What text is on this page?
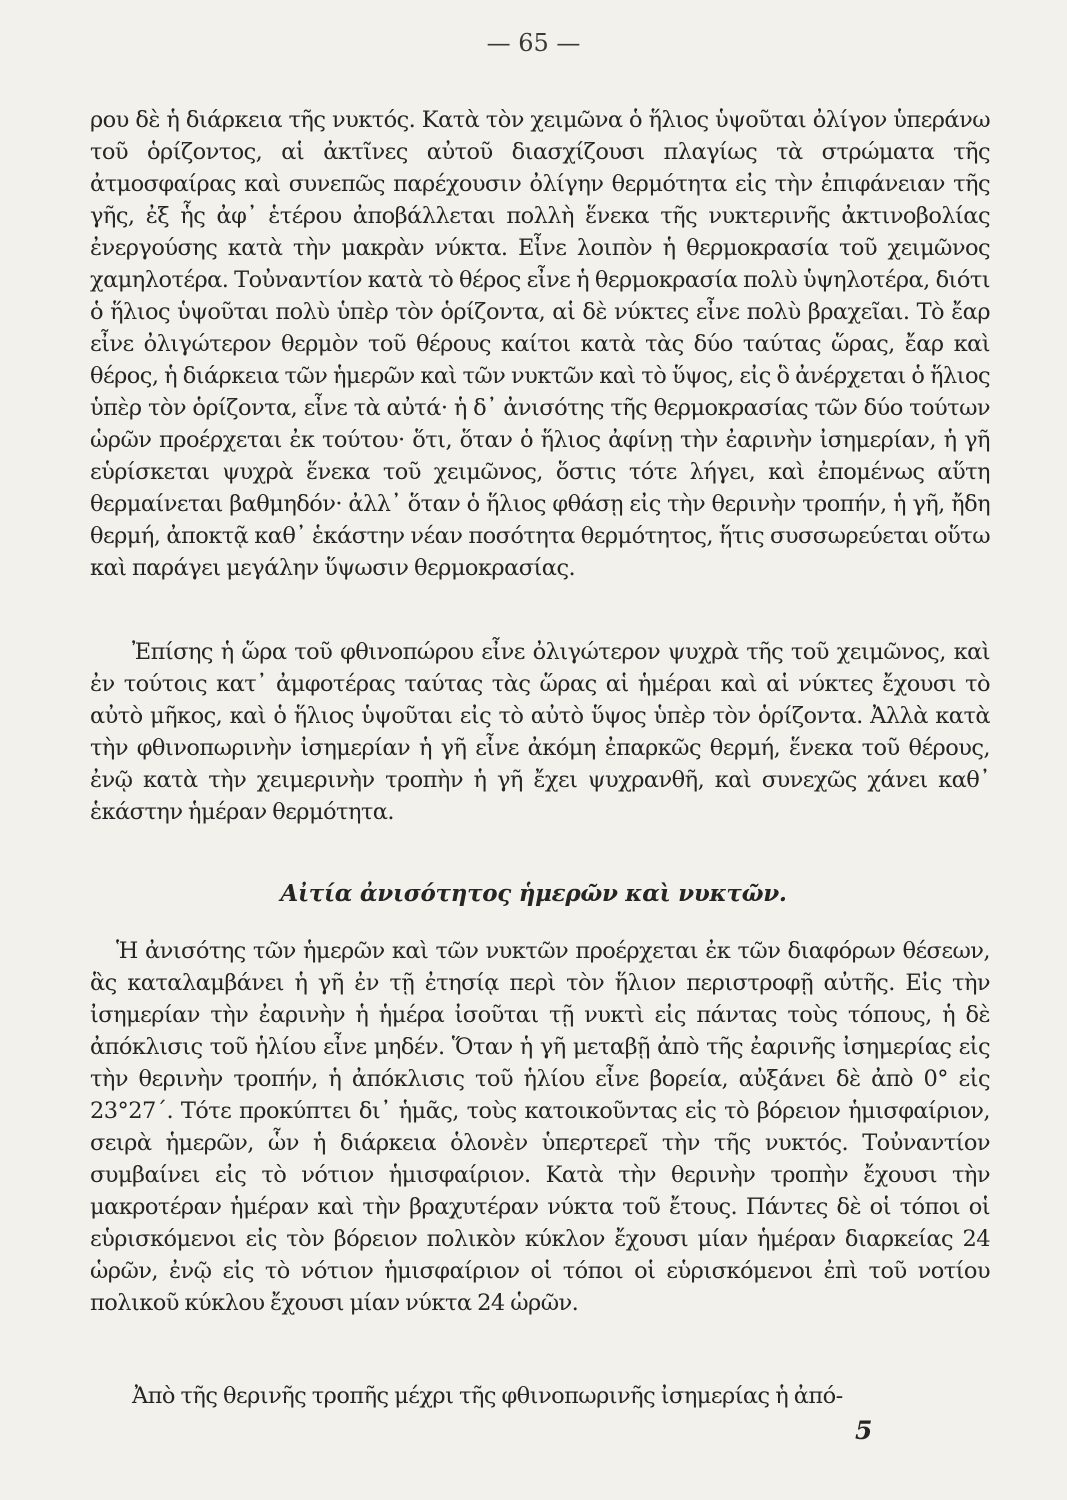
— 65 —

ρου δὲ ἡ διάρκεια τῆς νυκτός. Κατὰ τὸν χειμῶνα ὁ ἥλιος ὑψοῦται ὀλίγον ὑπεράνω τοῦ ὁρίζοντος, αἱ ἀκτῖνες αὐτοῦ διασχίζουσι πλαγίως τὰ στρώματα τῆς ἀτμοσφαίρας καὶ συνεπῶς παρέχουσιν ὀλίγην θερμότητα εἰς τὴν ἐπιφάνειαν τῆς γῆς, ἐξ ἧς ἀφ᾽ ἑτέρου ἀποβάλλεται πολλὴ ἕνεκα τῆς νυκτερινῆς ἀκτινοβολίας ἐνεργούσης κατὰ τὴν μακρὰν νύκτα. Εἶνε λοιπὸν ἡ θερμοκρασία τοῦ χειμῶνος χαμηλοτέρα. Τοὐναντίον κατὰ τὸ θέρος εἶνε ἡ θερμοκρασία πολὺ ὑψηλοτέρα, διότι ὁ ἥλιος ὑψοῦται πολὺ ὑπὲρ τὸν ὁρίζοντα, αἱ δὲ νύκτες εἶνε πολὺ βραχεῖαι. Τὸ ἔαρ εἶνε ὀλιγώτερον θερμὸν τοῦ θέρους καίτοι κατὰ τὰς δύο ταύτας ὥρας, ἔαρ καὶ θέρος, ἡ διάρκεια τῶν ἡμερῶν καὶ τῶν νυκτῶν καὶ τὸ ὕψος, εἰς ὃ ἀνέρχεται ὁ ἥλιος ὑπὲρ τὸν ὁρίζοντα, εἶνε τὰ αὐτά· ἡ δ᾽ ἀνισότης τῆς θερμοκρασίας τῶν δύο τούτων ὡρῶν προέρχεται ἐκ τούτου· ὅτι, ὅταν ὁ ἥλιος ἀφίνῃ τὴν ἐαρινὴν ἰσημερίαν, ἡ γῆ εὑρίσκεται ψυχρὰ ἕνεκα τοῦ χειμῶνος, ὅστις τότε λήγει, καὶ ἐπομένως αὕτη θερμαίνεται βαθμηδόν· ἀλλ᾽ ὅταν ὁ ἥλιος φθάσῃ εἰς τὴν θερινὴν τροπήν, ἡ γῆ, ἤδη θερμή, ἀποκτᾷ καθ᾽ ἑκάστην νέαν ποσότητα θερμότητος, ἥτις συσσωρεύεται οὕτω καὶ παράγει μεγάλην ὕψωσιν θερμοκρασίας.

Ἐπίσης ἡ ὥρα τοῦ φθινοπώρου εἶνε ὀλιγώτερον ψυχρὰ τῆς τοῦ χειμῶνος, καὶ ἐν τούτοις κατ᾽ ἀμφοτέρας ταύτας τὰς ὥρας αἱ ἡμέραι καὶ αἱ νύκτες ἔχουσι τὸ αὐτὸ μῆκος, καὶ ὁ ἥλιος ὑψοῦται εἰς τὸ αὐτὸ ὕψος ὑπὲρ τὸν ὁρίζοντα. Ἀλλὰ κατὰ τὴν φθινοπωρινὴν ἰσημερίαν ἡ γῆ εἶνε ἀκόμη ἐπαρκῶς θερμή, ἕνεκα τοῦ θέρους, ἐνῷ κατὰ τὴν χειμερινὴν τροπὴν ἡ γῆ ἔχει ψυχρανθῆ, καὶ συνεχῶς χάνει καθ᾽ ἑκάστην ἡμέραν θερμότητα.

Αἰτία ἀνισότητος ἡμερῶν καὶ νυκτῶν.

Ἡ ἀνισότης τῶν ἡμερῶν καὶ τῶν νυκτῶν προέρχεται ἐκ τῶν διαφόρων θέσεων, ἃς καταλαμβάνει ἡ γῆ ἐν τῇ ἐτησίᾳ περὶ τὸν ἥλιον περιστροφῇ αὐτῆς. Εἰς τὴν ἰσημερίαν τὴν ἐαρινὴν ἡ ἡμέρα ἰσοῦται τῇ νυκτὶ εἰς πάντας τοὺς τόπους, ἡ δὲ ἀπόκλισις τοῦ ἡλίου εἶνε μηδέν. Ὅταν ἡ γῆ μεταβῇ ἀπὸ τῆς ἐαρινῆς ἰσημερίας εἰς τὴν θερινὴν τροπήν, ἡ ἀπόκλισις τοῦ ἡλίου εἶνε βορεία, αὐξάνει δὲ ἀπὸ 0° εἰς 23°27΄. Τότε προκύπτει δι᾽ ἡμᾶς, τοὺς κατοικοῦντας εἰς τὸ βόρειον ἡμισφαίριον, σειρὰ ἡμερῶν, ὧν ἡ διάρκεια ὁλονὲν ὑπερτερεῖ τὴν τῆς νυκτός. Τοὐναντίον συμβαίνει εἰς τὸ νότιον ἡμισφαίριον. Κατὰ τὴν θερινὴν τροπὴν ἔχουσι τὴν μακροτέραν ἡμέραν καὶ τὴν βραχυτέραν νύκτα τοῦ ἔτους. Πάντες δὲ οἱ τόποι οἱ εὑρισκόμενοι εἰς τὸν βόρειον πολικὸν κύκλον ἔχουσι μίαν ἡμέραν διαρκείας 24 ὡρῶν, ἐνῷ εἰς τὸ νότιον ἡμισφαίριον οἱ τόποι οἱ εὑρισκόμενοι ἐπὶ τοῦ νοτίου πολικοῦ κύκλου ἔχουσι μίαν νύκτα 24 ὡρῶν.

Ἀπὸ τῆς θερινῆς τροπῆς μέχρι τῆς φθινοπωρινῆς ἰσημερίας ἡ ἀπό-

5
